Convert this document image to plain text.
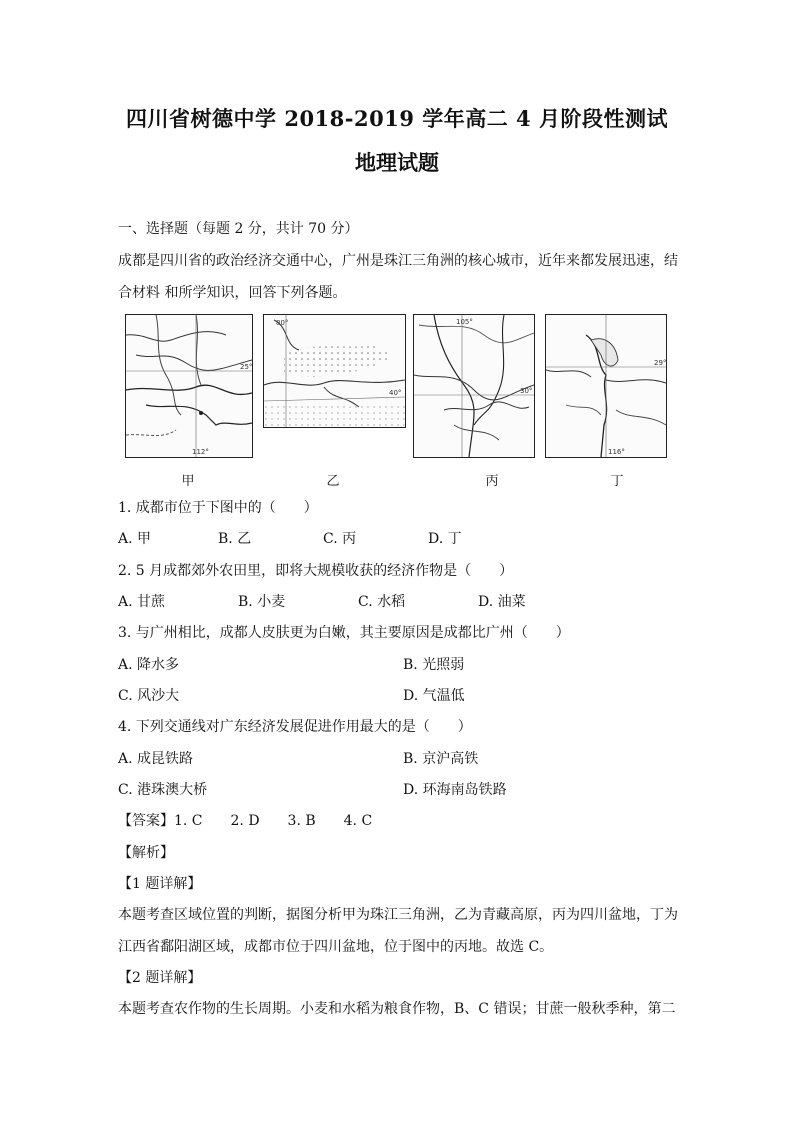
四川省树德中学 2018-2019 学年高二 4 月阶段性测试
地理试题
一、选择题（每题 2 分，共计 70 分）
成都是四川省的政治经济交通中心，广州是珠江三角洲的核心城市，近年来都发展迅速，结
合材料 和所学知识，回答下列各题。
25°
112°
甲
80°
40°
乙
105°
30°
丙
29°
116°
丁
1. 成都市位于下图中的（　　）
A. 甲	B. 乙	C. 丙	D. 丁
2. 5 月成都郊外农田里，即将大规模收获的经济作物是（　　）
A. 甘蔗	B. 小麦	C. 水稻	D. 油菜
3. 与广州相比，成都人皮肤更为白嫩，其主要原因是成都比广州（　　）
A. 降水多	B. 光照弱
C. 风沙大	D. 气温低
4. 下列交通线对广东经济发展促进作用最大的是（　　）
A. 成昆铁路	B. 京沪高铁
C. 港珠澳大桥	D. 环海南岛铁路
【答案】1. C　　2. D　　3. B　　4. C
【解析】
【1 题详解】
本题考查区域位置的判断，据图分析甲为珠江三角洲，乙为青藏高原，丙为四川盆地，丁为
江西省鄱阳湖区域，成都市位于四川盆地，位于图中的丙地。故选 C。
【2 题详解】
本题考查农作物的生长周期。小麦和水稻为粮食作物，B、C 错误；甘蔗一般秋季种，第二
